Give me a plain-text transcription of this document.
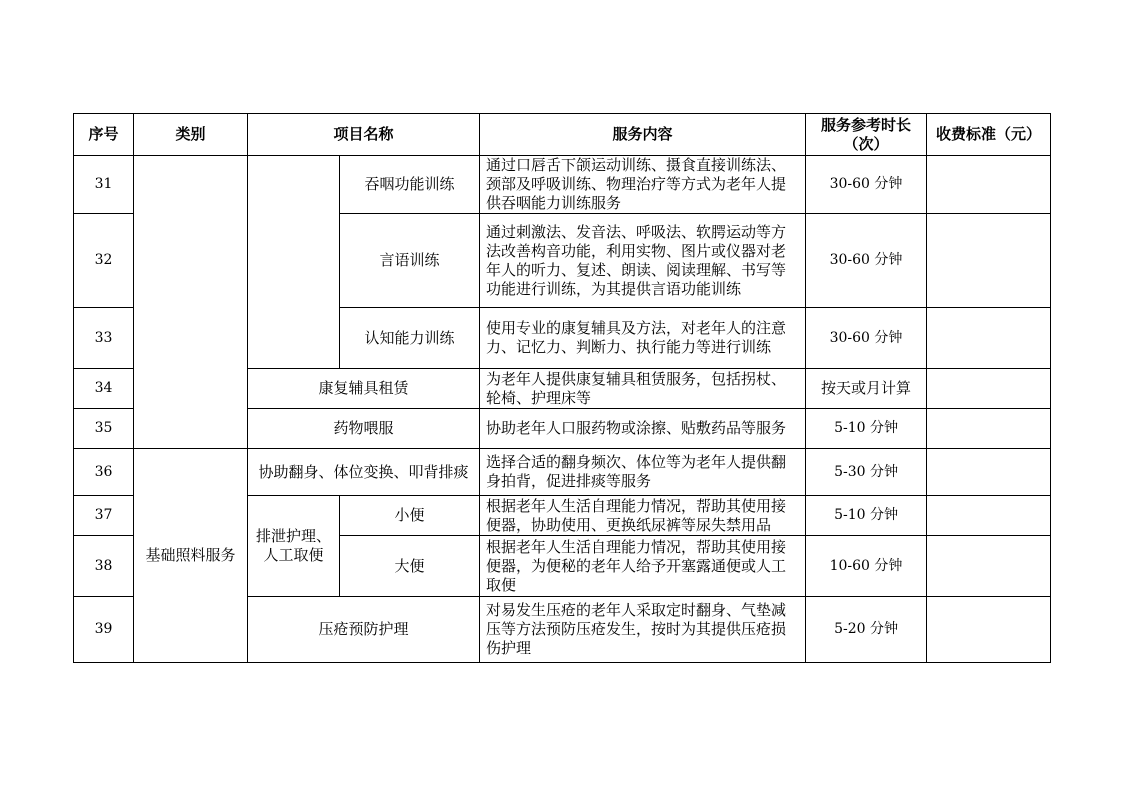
序号	类别	项目名称		服务内容	服务参考时长（次）	收费标准（元）
31			吞咽功能训练	通过口唇舌下颌运动训练、摄食直接训练法、颈部及呼吸训练、物理治疗等方式为老年人提供吞咽能力训练服务	30-60 分钟	
32			言语训练	通过刺激法、发音法、呼吸法、软腭运动等方法改善构音功能，利用实物、图片或仪器对老年人的听力、复述、朗读、阅读理解、书写等功能进行训练，为其提供言语功能训练	30-60 分钟	
33			认知能力训练	使用专业的康复辅具及方法，对老年人的注意力、记忆力、判断力、执行能力等进行训练	30-60 分钟	
34		康复辅具租赁		为老年人提供康复辅具租赁服务，包括拐杖、轮椅、护理床等	按天或月计算	
35		药物喂服		协助老年人口服药物或涂擦、贴敷药品等服务	5-10 分钟	
36	基础照料服务	协助翻身、体位变换、叩背排痰		选择合适的翻身频次、体位等为老年人提供翻身拍背，促进排痰等服务	5-30 分钟	
37		排泄护理、人工取便	小便	根据老年人生活自理能力情况，帮助其使用接便器，协助使用、更换纸尿裤等尿失禁用品	5-10 分钟	
38			大便	根据老年人生活自理能力情况，帮助其使用接便器，为便秘的老年人给予开塞露通便或人工取便	10-60 分钟	
39		压疮预防护理		对易发生压疮的老年人采取定时翻身、气垫减压等方法预防压疮发生，按时为其提供压疮损伤护理	5-20 分钟	
